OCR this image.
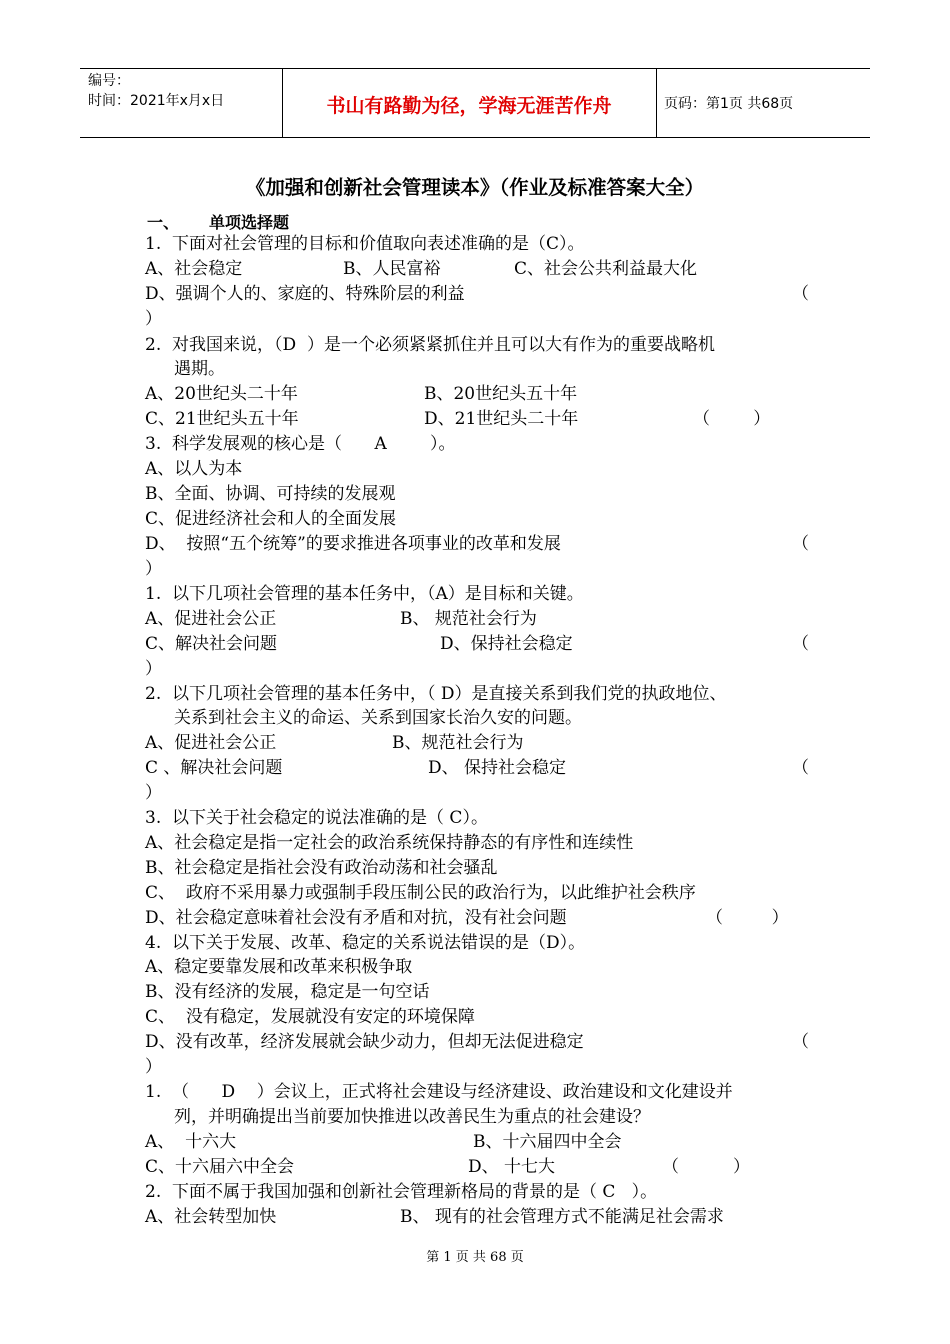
编号：
时间：2021年x月x日	书山有路勤为径，学海无涯苦作舟	页码：第1页 共68页
《加强和创新社会管理读本》（作业及标准答案大全）
一、 单项选择题
1.  下面对社会管理的目标和价值取向表述准确的是（C）。
A、社会稳定	B、人民富裕	C、社会公共利益最大化
D、强调个人的、家庭的、特殊阶层的利益	（
）
2.  对我国来说，（D  ）是一个必须紧紧抓住并且可以大有作为的重要战略机
遇期。
A、20世纪头二十年	B、20世纪头五十年
C、21世纪头五十年	D、21世纪头二十年	（        ）
3.  科学发展观的核心是（      A        ）。
A、以人为本
B、全面、协调、可持续的发展观
C、促进经济社会和人的全面发展
D、  按照“五个统筹”的要求推进各项事业的改革和发展	（
）
1.  以下几项社会管理的基本任务中，（A）是目标和关键。
A、促进社会公正	B、 规范社会行为
C、解决社会问题	D、保持社会稳定	（
）
2.  以下几项社会管理的基本任务中，（ D）是直接关系到我们党的执政地位、
关系到社会主义的命运、关系到国家长治久安的问题。
A、促进社会公正	B、规范社会行为
C 、解决社会问题	D、 保持社会稳定	（
）
3.  以下关于社会稳定的说法准确的是（ C）。
A、社会稳定是指一定社会的政治系统保持静态的有序性和连续性
B、社会稳定是指社会没有政治动荡和社会骚乱
C、  政府不采用暴力或强制手段压制公民的政治行为，以此维护社会秩序
D、社会稳定意味着社会没有矛盾和对抗，没有社会问题	（         ）
4.  以下关于发展、改革、稳定的关系说法错误的是（D）。
A、稳定要靠发展和改革来积极争取
B、没有经济的发展，稳定是一句空话
C、  没有稳定，发展就没有安定的环境保障
D、没有改革，经济发展就会缺少动力，但却无法促进稳定	（
）
1.  （      D    ）会议上，正式将社会建设与经济建设、政治建设和文化建设并
列，并明确提出当前要加快推进以改善民生为重点的社会建设？
A、  十六大	B、十六届四中全会
C、十六届六中全会	D、 十七大	（          ）
2.  下面不属于我国加强和创新社会管理新格局的背景的是（ C   ）。
A、社会转型加快	B、 现有的社会管理方式不能满足社会需求
第 1 页 共 68 页
